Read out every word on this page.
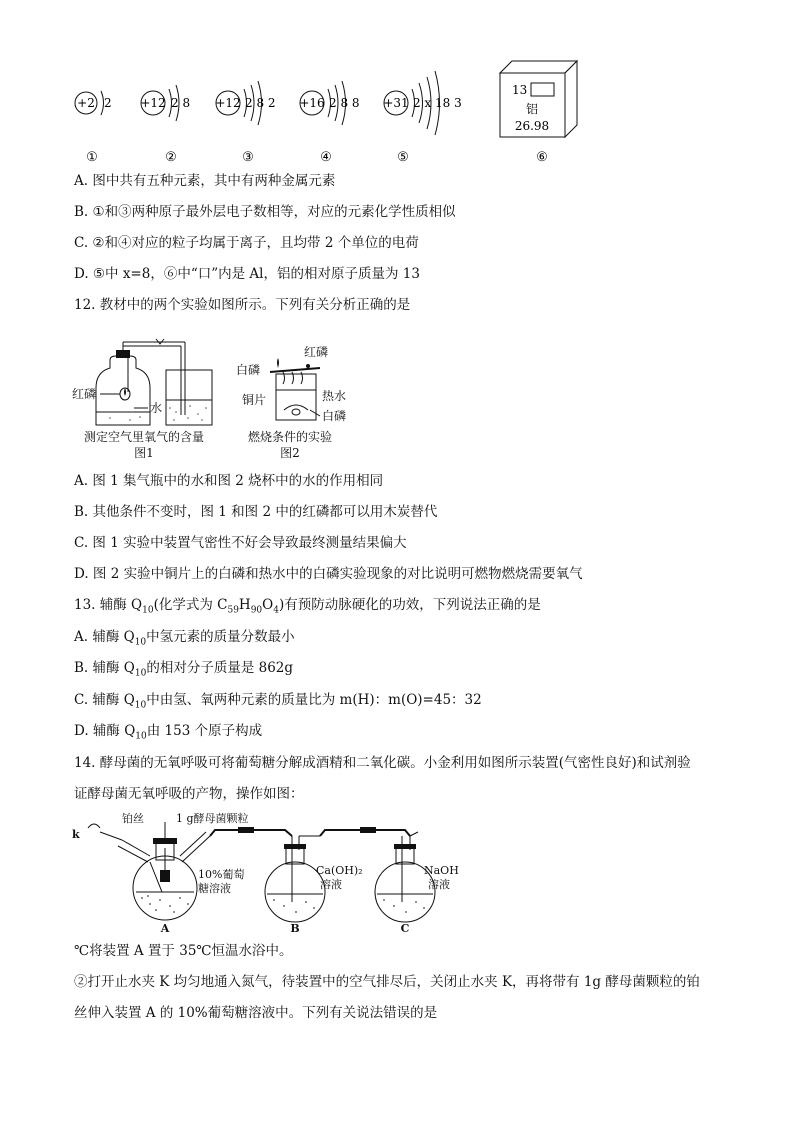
+2 2
①
+12 2 8
②
+12 2 8 2
③
+16 2 8 8
④
+31 2 x 18 3
⑤
13
铝
26.98
⑥
A. 图中共有五种元素，其中有两种金属元素
B. ①和③两种原子最外层电子数相等，对应的元素化学性质相似
C. ②和④对应的粒子均属于离子，且均带 2 个单位的电荷
D. ⑤中 x=8，⑥中“口”内是 Al，铝的相对原子质量为 13
12. 教材中的两个实验如图所示。下列有关分析正确的是
红磷
水
测定空气里氧气的含量
图1
红磷
白磷
铜片	热水
白磷
燃烧条件的实验
图2
A. 图 1 集气瓶中的水和图 2 烧杯中的水的作用相同
B. 其他条件不变时，图 1 和图 2 中的红磷都可以用木炭替代
C. 图 1 实验中装置气密性不好会导致最终测量结果偏大
D. 图 2 实验中铜片上的白磷和热水中的白磷实验现象的对比说明可燃物燃烧需要氧气
13. 辅酶 $Q_{10}$(化学式为 $C_{59}H_{90}O_4$)有预防动脉硬化的功效，下列说法正确的是
A. 辅酶 $Q_{10}$中氢元素的质量分数最小
B. 辅酶 $Q_{10}$的相对分子质量是 862g
C. 辅酶 $Q_{10}$中由氢、氧两种元素的质量比为 m(H)：m(O)=45：32
D. 辅酶 $Q_{10}$由 153 个原子构成
14. 酵母菌的无氧呼吸可将葡萄糖分解成酒精和二氧化碳。小金利用如图所示装置(气密性良好)和试剂验
证酵母菌无氧呼吸的产物，操作如图：
k
铂丝	1 g酵母菌颗粒
10%葡萄
糖溶液
A
Ca(OH)₂
溶液
B
NaOH
溶液
C
℃将装置 A 置于 35℃恒温水浴中。
②打开止水夹 K 均匀地通入氮气，待装置中的空气排尽后，关闭止水夹 K，再将带有 1g 酵母菌颗粒的铂
丝伸入装置 A 的 10%葡萄糖溶液中。下列有关说法错误的是
